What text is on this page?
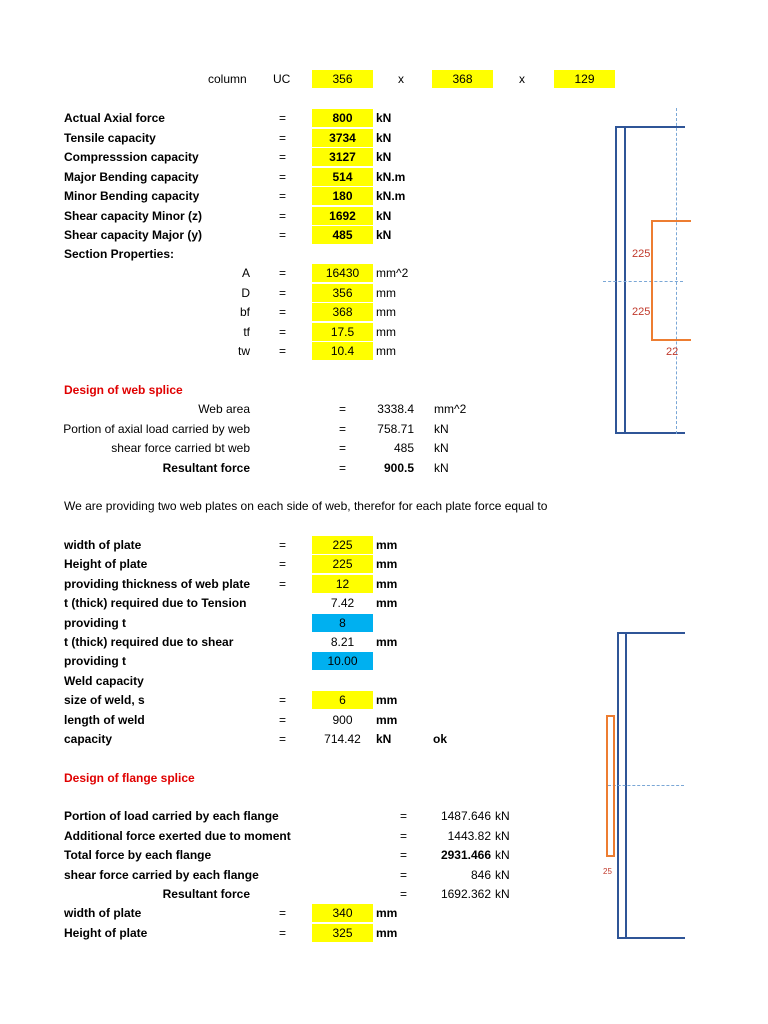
column UC	356	x	368	x	129
Actual Axial force	=	800	kN
Tensile capacity	=	3734	kN
Compresssion capacity	=	3127	kN
Major Bending capacity	=	514	kN.m
Minor Bending capacity	=	180	kN.m
Shear capacity Minor (z)	=	1692	kN
Shear capacity Major (y)	=	485	kN
Section Properties:
A =	16430	mm^2
D =	356	mm
bf =	368	mm
tf =	17.5	mm
tw =	10.4	mm
Design of web splice
Web area	=	3338.4 mm^2
Portion of axial load carried by web	=	758.71 kN
shear force carried bt web	=	485 kN
Resultant force	=	900.5 kN
We are providing two web plates on each side of web, therefor for each plate force equal to
width of plate	=	225	mm
Height of plate	=	225	mm
providing thickness of web plate =	12	mm
t (thick) required due to Tension	7.42	mm
providing t	8
t (thick) required due to shear	8.21	mm
providing t	10.00
Weld capacity
size of weld, s	=	6	mm
length of weld	=	900	mm
capacity	=	714.42	kN	ok
Design of flange splice
Portion of load carried by each flange	=	1487.646 kN
Additional force exerted due to moment	=	1443.82 kN
Total force by each flange	=	2931.466 kN
shear force carried by each flange	=	846 kN
Resultant force	=	1692.362 kN
width of plate	=	340	mm
Height of plate	=	325	mm
225
225
22
25
